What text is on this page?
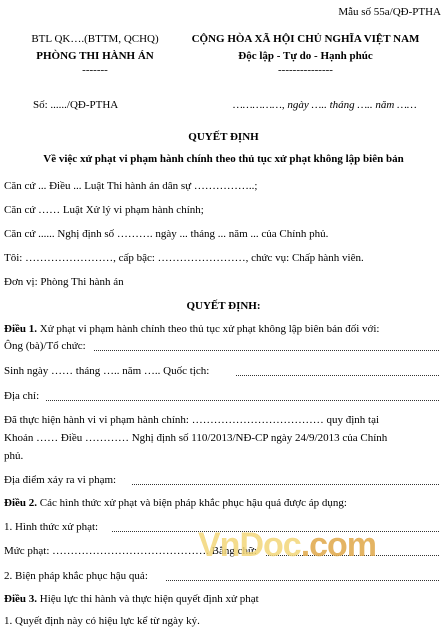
Mẫu số 55a/QĐ-PTHA
BTL QK….(BTTM, QCHQ)
PHÒNG THI HÀNH ÁN
-------
Số: ....../QĐ-PTHA
CỘNG HÒA XÃ HỘI CHỦ NGHĨA VIỆT NAM
Độc lập - Tự do - Hạnh phúc
---------------
……………, ngày ….. tháng ….. năm ……
QUYẾT ĐỊNH
Về việc xử phạt vi phạm hành chính theo thủ tục xử phạt không lập biên bản
Căn cứ ... Điều ... Luật Thi hành án dân sự ……………..;
Căn cứ …… Luật Xử lý vi phạm hành chính;
Căn cứ ...... Nghị định số ………. ngày ... tháng ... năm ... của Chính phủ.
Tôi: ……………………, cấp bậc: ……………………, chức vụ: Chấp hành viên.
Đơn vị: Phòng Thi hành án
QUYẾT ĐỊNH:
Điều 1. Xử phạt vi phạm hành chính theo thủ tục xử phạt không lập biên bản đối với:
Ông (bà)/Tổ chức:
Sinh ngày …… tháng ….. năm ….. Quốc tịch:
Địa chỉ:
Đã thực hiện hành vi vi phạm hành chính: ……………………………… quy định tại
Khoản …… Điều ………… Nghị định số 110/2013/NĐ-CP ngày 24/9/2013 của Chính
phủ.
Địa điểm xảy ra vi phạm:
Điều 2. Các hình thức xử phạt và biện pháp khắc phục hậu quả được áp dụng:
1. Hình thức xử phạt:
Mức phạt: ……………………………………. Bằng chữ:
2. Biện pháp khắc phục hậu quả:
Điều 3. Hiệu lực thi hành và thực hiện quyết định xử phạt
1. Quyết định này có hiệu lực kể từ ngày ký.
VnDoc.com
